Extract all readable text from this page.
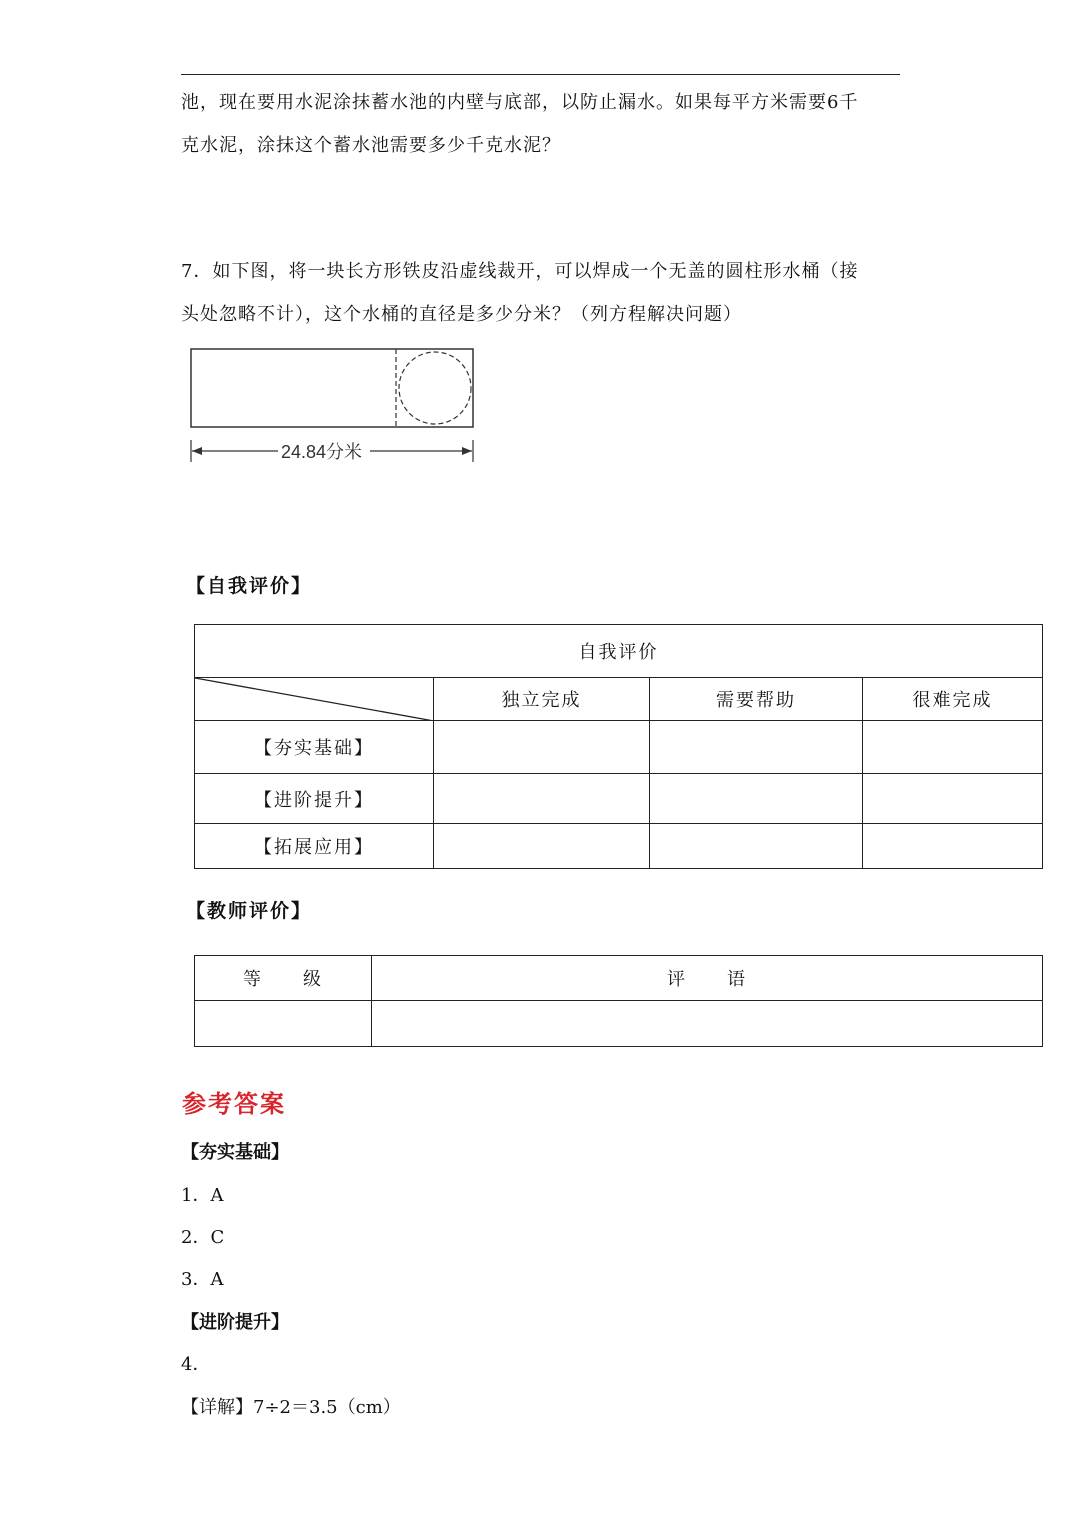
池，现在要用水泥涂抹蓄水池的内壁与底部，以防止漏水。如果每平方米需要6千
克水泥，涂抹这个蓄水池需要多少千克水泥？
7．如下图，将一块长方形铁皮沿虚线裁开，可以焊成一个无盖的圆柱形水桶（接
头处忽略不计），这个水桶的直径是多少分米？（列方程解决问题）
24.84分米
【自我评价】
自我评价			

	独立完成	需要帮助	很难完成
【夯实基础】			
【进阶提升】			
【拓展应用】			
【教师评价】
等　　级	评　　语

参考答案
【夯实基础】
1．A
2．C
3．A
【进阶提升】
4．
【详解】7÷2＝3.5（cm）
